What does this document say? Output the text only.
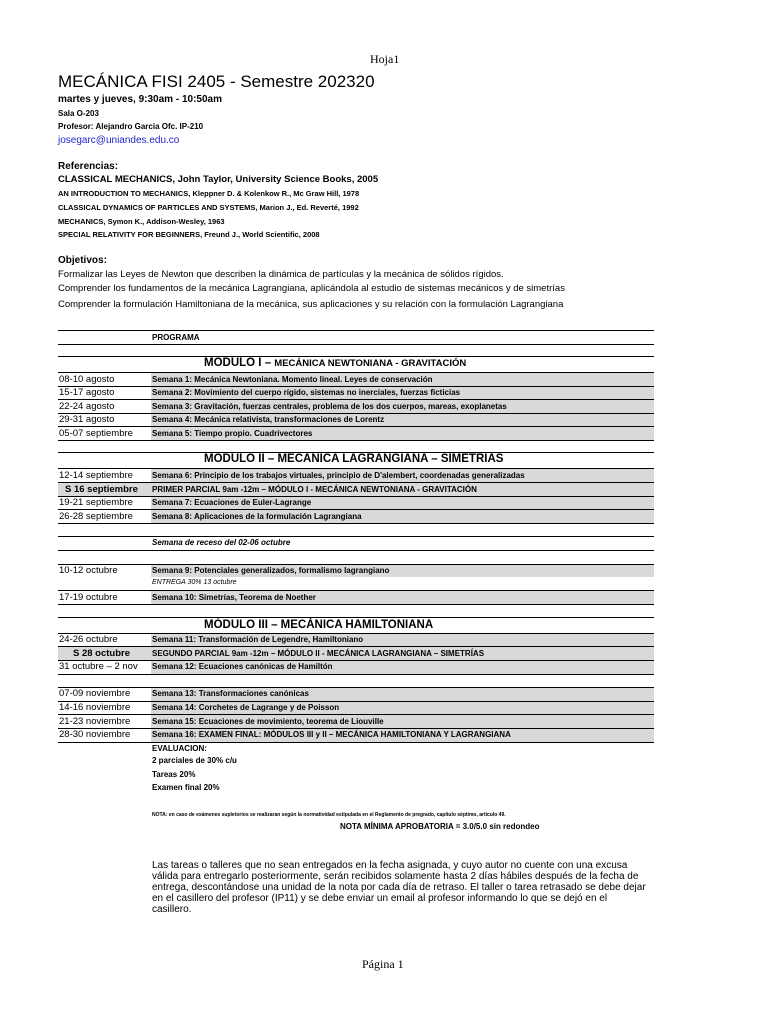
Hoja1
MECÁNICA FISI 2405 - Semestre 202320
martes y jueves, 9:30am - 10:50am
Sala O-203
Profesor: Alejandro Garcia Ofc. IP-210
josegarc@uniandes.edu.co
Referencias:
CLASSICAL MECHANICS, John Taylor, University Science Books, 2005
AN INTRODUCTION TO MECHANICS, Kleppner D. & Kolenkow R., Mc Graw Hill, 1978
CLASSICAL DYNAMICS OF PARTICLES AND SYSTEMS, Marion J., Ed. Reverté, 1992
MECHANICS, Symon K., Addison-Wesley, 1963
SPECIAL RELATIVITY FOR BEGINNERS, Freund J., World Scientific, 2008
Objetivos:
Formalizar las Leyes de Newton que describen la dinámica de partículas y la mecánica de sólidos rígidos.
Comprender los fundamentos de la mecánica Lagrangiana, aplicándola al estudio de sistemas mecánicos y de simetrías
Comprender la formulación Hamiltoniana de la mecánica, sus aplicaciones y su relación con la formulación Lagrangiana
PROGRAMA
MODULO I – MECÁNICA NEWTONIANA - GRAVITACIÓN
08-10 agosto	Semana 1: Mecánica Newtoniana. Momento lineal. Leyes de conservación
15-17 agosto	Semana 2: Movimiento del cuerpo rígido, sistemas no inerciales, fuerzas ficticias
22-24 agosto	Semana 3: Gravitación, fuerzas centrales, problema de los dos cuerpos, mareas, exoplanetas
29-31 agosto	Semana 4: Mecánica relativista, transformaciones de Lorentz
05-07 septiembre Semana 5: Tiempo propio. Cuadrivectores
MODULO II – MECANICA LAGRANGIANA – SIMETRIAS
12-14 septiembre Semana 6: Principio de los trabajos virtuales, principio de D'alembert, coordenadas generalizadas
S 16 septiembre PRIMER PARCIAL 9am -12m – MÓDULO I - MECÁNICA NEWTONIANA - GRAVITACIÓN
19-21 septiembre Semana 7: Ecuaciones de Euler-Lagrange
26-28 septiembre Semana 8: Aplicaciones de la formulación Lagrangiana
Semana de receso del 02-06 octubre
10-12 octubre	Semana 9: Potenciales generalizados, formalismo lagrangiano
ENTREGA 30% 13 octubre
17-19 octubre	Semana 10: Simetrías, Teorema de Noether
MÓDULO III – MECÁNICA HAMILTONIANA
24-26 octubre	Semana 11: Transformación de Legendre, Hamiltoniano
S 28 octubre	SEGUNDO PARCIAL 9am -12m – MÓDULO II - MECÁNICA LAGRANGIANA – SIMETRÍAS
31 octubre – 2 nov Semana 12: Ecuaciones canónicas de Hamiltón
07-09 noviembre	Semana 13: Transformaciones canónicas
14-16 noviembre	Semana 14: Corchetes de Lagrange y de Poisson
21-23 noviembre	Semana 15: Ecuaciones de movimiento, teorema de Liouville
28-30 noviembre	Semana 16: EXAMEN FINAL: MÓDULOS III y II – MECÁNICA HAMILTONIANA Y LAGRANGIANA
EVALUACION:
2 parciales de 30% c/u
Tareas 20%
Examen final 20%
NOTA: en caso de exámenes supletorios se realizaran según la normatividad estipulada en el Reglamento de pregrado, capítulo séptimo, artículo 49.
NOTA MÍNIMA APROBATORIA = 3.0/5.0 sin redondeo
Las tareas o talleres que no sean entregados en la fecha asignada, y cuyo autor no cuente con una excusa
válida para entregarlo posteriormente, serán recibidos solamente hasta 2 días hábiles después de la fecha de
entrega, descontándose una unidad de la nota por cada día de retraso. El taller o tarea retrasado se debe dejar
en el casillero del profesor (IP11) y se debe enviar un email al profesor informando lo que se dejó en el
casillero.
Página 1
